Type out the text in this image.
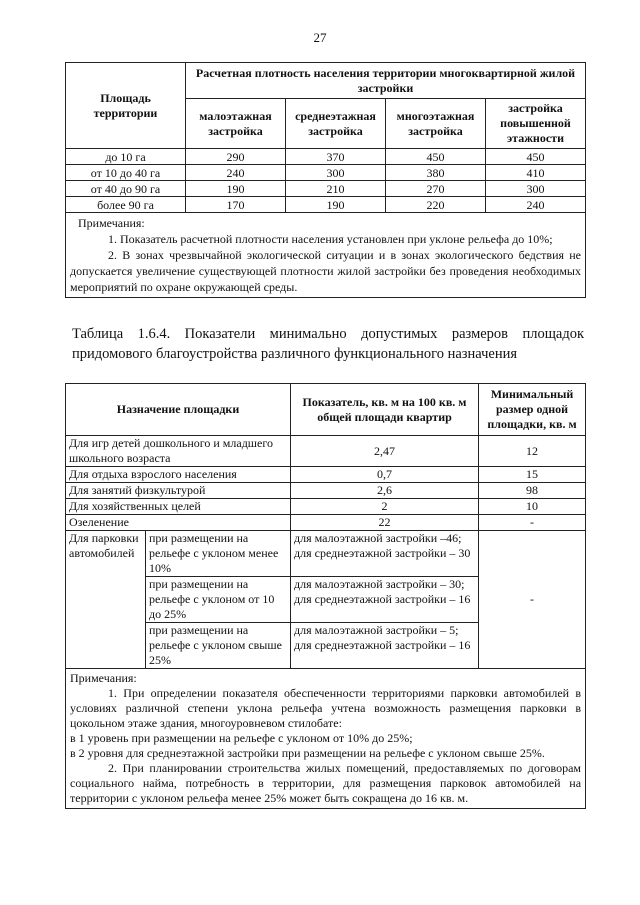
27
Площадь территории	Расчетная плотность населения территории многоквартирной жилой застройки			
	малоэтажная застройка	среднеэтажная застройка	многоэтажная застройка	застройка повышенной этажности
до 10 га	290	370	450	450
от 10 до 40 га	240	300	380	410
от 40 до 90 га	190	210	270	300
более 90 га	170	190	220	240

Примечания:
1. Показатель расчетной плотности населения установлен при уклоне рельефа до 10%;
2. В зонах чрезвычайной экологической ситуации и в зонах экологического бедствия не допускается увеличение существующей плотности жилой застройки без проведения необходимых мероприятий по охране окружающей среды.				
Таблица 1.6.4. Показатели минимально допустимых размеров площадок придомового благоустройства различного функционального назначения
Назначение площадки		Показатель, кв. м на 100 кв. м общей площади квартир	Минимальный размер одной площадки, кв. м
Для игр детей дошкольного и младшего школьного возраста		2,47	12
Для отдыха взрослого населения		0,7	15
Для занятий физкультурой		2,6	98
Для хозяйственных целей		2	10
Озеленение		22	-
Для парковки автомобилей	при размещении на рельефе с уклоном менее 10%	для малоэтажной застройки –46; для среднеэтажной застройки – 30	-
	при размещении на рельефе с уклоном от 10 до 25%	для малоэтажной застройки – 30; для среднеэтажной застройки – 16	
	при размещении на рельефе с уклоном свыше 25%	для малоэтажной застройки – 5; для среднеэтажной застройки – 16	

Примечания:
1. При определении показателя обеспеченности территориями парковки автомобилей в условиях различной степени уклона рельефа учтена возможность размещения парковки в цокольном этаже здания, многоуровневом стилобате:
в 1 уровень при размещении на рельефе с уклоном от 10% до 25%;
в 2 уровня для среднеэтажной застройки при размещении на рельефе с уклоном свыше 25%.
2. При планировании строительства жилых помещений, предоставляемых по договорам социального найма, потребность в территории, для размещения парковок автомобилей на территории с уклоном рельефа менее 25% может быть сокращена до 16 кв. м.			
